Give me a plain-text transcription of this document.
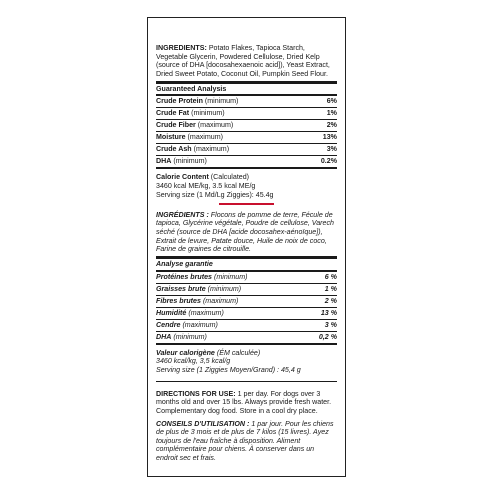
INGREDIENTS: Potato Flakes, Tapioca Starch, Vegetable Glycerin, Powdered Cellulose, Dried Kelp (source of DHA [docosahexaenoic acid]), Yeast Extract, Dried Sweet Potato, Coconut Oil, Pumpkin Seed Flour.

Guaranteed Analysis
Crude Protein (minimum)	6%
Crude Fat (minimum)	1%
Crude Fiber (maximum)	2%
Moisture (maximum)	13%
Crude Ash (maximum)	3%
DHA (minimum)	0.2%
Calorie Content (Calculated)
3460 kcal ME/kg, 3.5 kcal ME/g
Serving size (1 Md/Lg Ziggies): 45.4g

INGRÉDIENTS : Flocons de pomme de terre, Fécule de tapioca, Glycérine végétale, Poudre de cellulose, Varech séché (source de DHA [acide docosahex-aénoïque]), Extrait de levure, Patate douce, Huile de noix de coco, Farine de graines de citrouille.

Analyse garantie
Protéines brutes (minimum)	6 %
Graisses brute (minimum)	1 %
Fibres brutes (maximum)	2 %
Humidité (maximum)	13 %
Cendre (maximum)	3 %
DHA (minimum)	0,2 %
Valeur calorigène (ÉM calculée)
3460 kcal/kg, 3,5 kcal/g
Serving size (1 Ziggies Moyen/Grand) : 45,4 g

DIRECTIONS FOR USE: 1 per day. For dogs over 3 months old and over 15 lbs. Always provide fresh water. Complementary dog food. Store in a cool dry place.

CONSEILS D'UTILISATION : 1 par jour. Pour les chiens de plus de 3 mois et de plus de 7 kilos (15 livres). Ayez toujours de l'eau fraîche à disposition. Aliment complémentaire pour chiens. À conserver dans un endroit sec et frais.
